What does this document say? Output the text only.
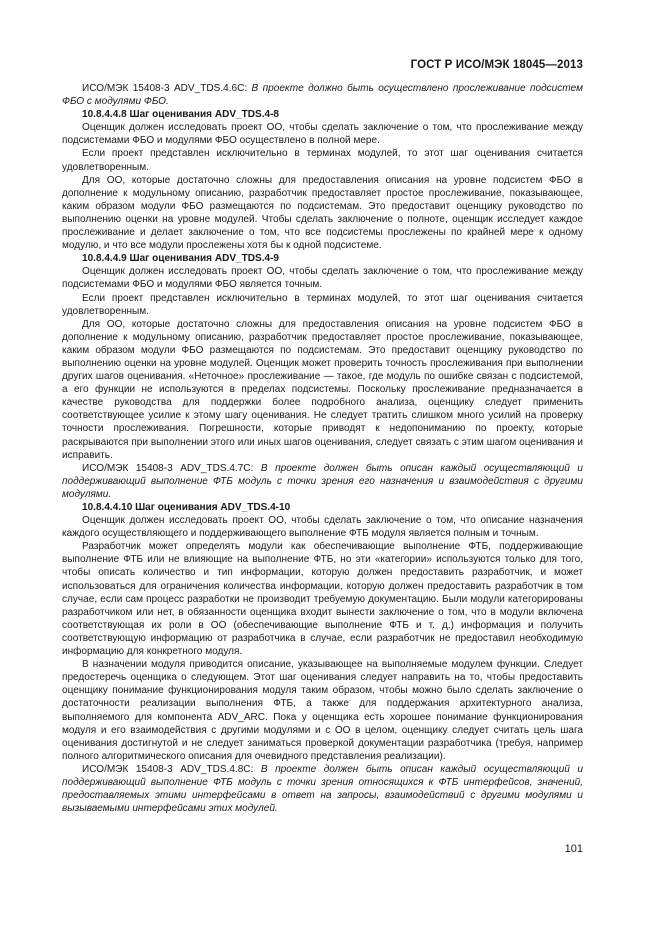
ГОСТ Р ИСО/МЭК 18045—2013

ИСО/МЭК 15408-3 ADV_TDS.4.6С: В проекте должно быть осуществлено прослеживание подсистем ФБО с модулями ФБО.

10.8.4.4.8 Шаг оценивания ADV_TDS.4-8

Оценщик должен исследовать проект ОО, чтобы сделать заключение о том, что прослеживание между подсистемами ФБО и модулями ФБО осуществлено в полной мере.

Если проект представлен исключительно в терминах модулей, то этот шаг оценивания считается удовлетворенным.

Для ОО, которые достаточно сложны для предоставления описания на уровне подсистем ФБО в дополнение к модульному описанию, разработчик предоставляет простое прослеживание, показывающее, каким образом модули ФБО размещаются по подсистемам. Это предоставит оценщику руководство по выполнению оценки на уровне модулей. Чтобы сделать заключение о полноте, оценщик исследует каждое прослеживание и делает заключение о том, что все подсистемы прослежены по крайней мере к одному модулю, и что все модули прослежены хотя бы к одной подсистеме.

10.8.4.4.9 Шаг оценивания ADV_TDS.4-9

Оценщик должен исследовать проект ОО, чтобы сделать заключение о том, что прослеживание между подсистемами ФБО и модулями ФБО является точным.

Если проект представлен исключительно в терминах модулей, то этот шаг оценивания считается удовлетворенным.

Для ОО, которые достаточно сложны для предоставления описания на уровне подсистем ФБО в дополнение к модульному описанию, разработчик предоставляет простое прослеживание, показывающее, каким образом модули ФБО размещаются по подсистемам. Это предоставит оценщику руководство по выполнению оценки на уровне модулей. Оценщик может проверить точность прослеживания при выполнении других шагов оценивания. «Неточное» прослеживание — такое, где модуль по ошибке связан с подсистемой, а его функции не используются в пределах подсистемы. Поскольку прослеживание предназначается в качестве руководства для поддержки более подробного анализа, оценщику следует применить соответствующее усилие к этому шагу оценивания. Не следует тратить слишком много усилий на проверку точности прослеживания. Погрешности, которые приводят к недопониманию по проекту, которые раскрываются при выполнении этого или иных шагов оценивания, следует связать с этим шагом оценивания и исправить.

ИСО/МЭК 15408-3 ADV_TDS.4.7С: В проекте должен быть описан каждый осуществляющий и поддерживающий выполнение ФТБ модуль с точки зрения его назначения и взаимодействия с другими модулями.

10.8.4.4.10 Шаг оценивания ADV_TDS.4-10

Оценщик должен исследовать проект ОО, чтобы сделать заключение о том, что описание назначения каждого осуществляющего и поддерживающего выполнение ФТБ модуля является полным и точным.

Разработчик может определять модули как обеспечивающие выполнение ФТБ, поддерживающие выполнение ФТБ или не влияющие на выполнение ФТБ, но эти «категории» используются только для того, чтобы описать количество и тип информации, которую должен предоставить разработчик, и может использоваться для ограничения количества информации, которую должен предоставить разработчик в том случае, если сам процесс разработки не производит требуемую документацию. Были модули категорированы разработчиком или нет, в обязанности оценщика входит вынести заключение о том, что в модули включена соответствующая их роли в ОО (обеспечивающие выполнение ФТБ и т. д.) информация и получить соответствующую информацию от разработчика в случае, если разработчик не предоставил необходимую информацию для конкретного модуля.

В назначении модуля приводится описание, указывающее на выполняемые модулем функции. Следует предостеречь оценщика о следующем. Этот шаг оценивания следует направить на то, чтобы предоставить оценщику понимание функционирования модуля таким образом, чтобы можно было сделать заключение о достаточности реализации выполнения ФТБ, а также для поддержания архитектурного анализа, выполняемого для компонента ADV_ARC. Пока у оценщика есть хорошее понимание функционирования модуля и его взаимодействия с другими модулями и с ОО в целом, оценщику следует считать цель шага оценивания достигнутой и не следует заниматься проверкой документации разработчика (требуя, например полного алгоритмического описания для очевидного представления реализации).

ИСО/МЭК 15408-3 ADV_TDS.4.8С: В проекте должен быть описан каждый осуществляющий и поддерживающий выполнение ФТБ модуль с точки зрения относящихся к ФТБ интерфейсов, значений, предоставляемых этими интерфейсами в ответ на запросы, взаимодействий с другими модулями и вызываемыми интерфейсами этих модулей.

101
